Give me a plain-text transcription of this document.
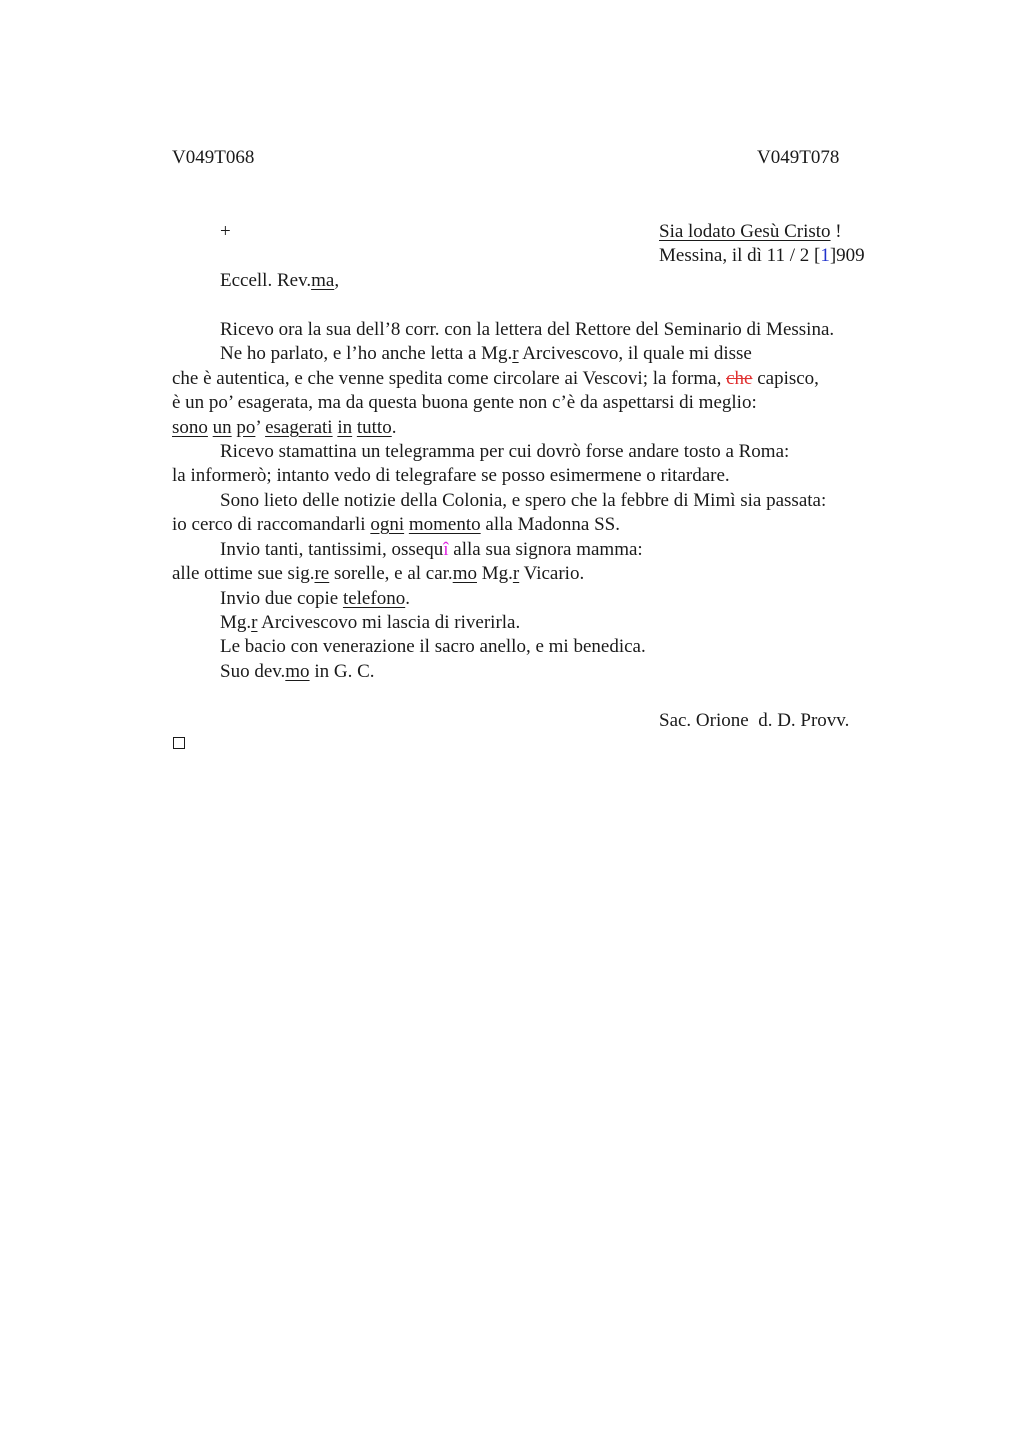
V049T068	V049T078
+	Sia lodato Gesù Cristo !
Messina, il dì 11 / 2 [1]909
Eccell. Rev.ma,
Ricevo ora la sua dell’8 corr. con la lettera del Rettore del Seminario di Messina.
Ne ho parlato, e l’ho anche letta a Mg.r Arcivescovo, il quale mi disse
che è autentica, e che venne spedita come circolare ai Vescovi; la forma, che capisco,
è un po’ esagerata, ma da questa buona gente non c’è da aspettarsi di meglio:
sono un po’ esagerati in tutto.
Ricevo stamattina un telegramma per cui dovrò forse andare tosto a Roma:
la informerò; intanto vedo di telegrafare se posso esimermene o ritardare.
Sono lieto delle notizie della Colonia, e spero che la febbre di Mimì sia passata:
io cerco di raccomandarli ogni momento alla Madonna SS.
Invio tanti, tantissimi, ossequî alla sua signora mamma:
alle ottime sue sig.re sorelle, e al car.mo Mg.r Vicario.
Invio due copie telefono.
Mg.r Arcivescovo mi lascia di riverirla.
Le bacio con venerazione il sacro anello, e mi benedica.
Suo dev.mo in G. C.
Sac. Orione  d. D. Provv.
